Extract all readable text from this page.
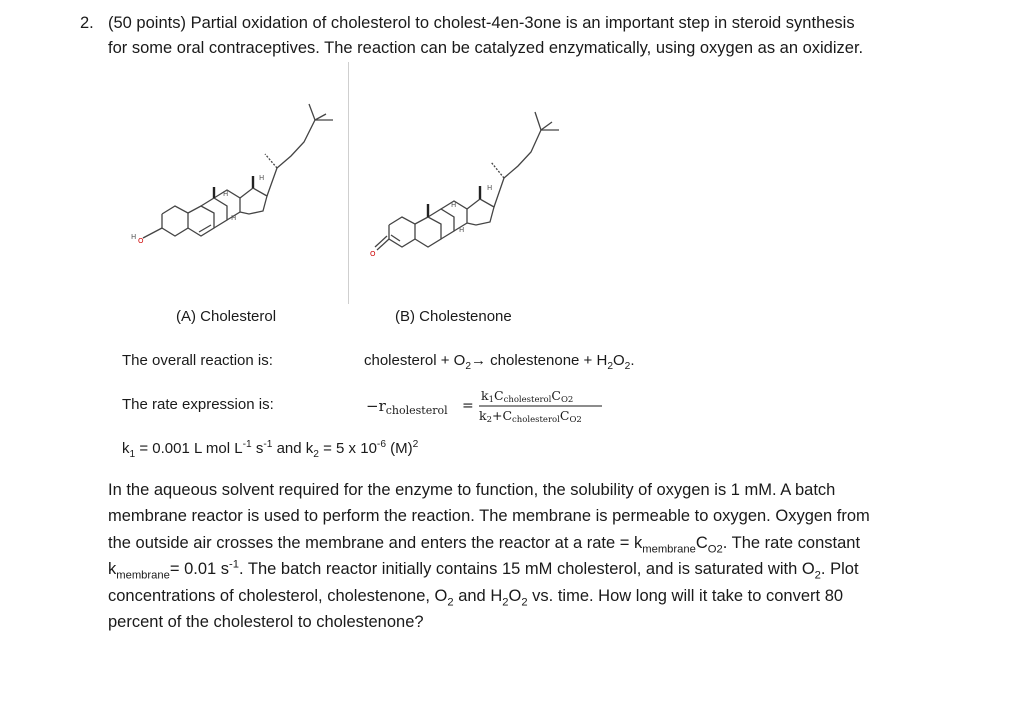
2. (50 points) Partial oxidation of cholesterol to cholest-4en-3one is an important step in steroid synthesis
for some oral contraceptives. The reaction can be catalyzed enzymatically, using oxygen as an oxidizer.
H O
H
H
H
O
H
H
H
(A) Cholesterol	(B) Cholestenone
The overall reaction is:	cholesterol + $O_2\to$ cholestenone + $H_2O_2$.
The rate expression is:	$-r_{cholesterol}$ =
k1CcholesterolCO2
k2+CcholesterolCO2
$k_1 = 0.001$ L mol $L^{-1}$ $s^{-1}$ and $k_2 = 5$ x $10^{-6}$ $(M)^2$

In the aqueous solvent required for the enzyme to function, the solubility of oxygen is 1 mM. A batch

membrane reactor is used to perform the reaction. The membrane is permeable to oxygen. Oxygen from

the outside air crosses the membrane and enters the reactor at a rate = $k_{membrane}C_{O2}$. The rate constant

$k_{membrane}= 0.01$ $s^{-1}$. The batch reactor initially contains 15 mM cholesterol, and is saturated with $O_2$. Plot

concentrations of cholesterol, cholestenone, $O_2$ and $H_2O_2$ vs. time. How long will it take to convert 80

percent of the cholesterol to cholestenone?
